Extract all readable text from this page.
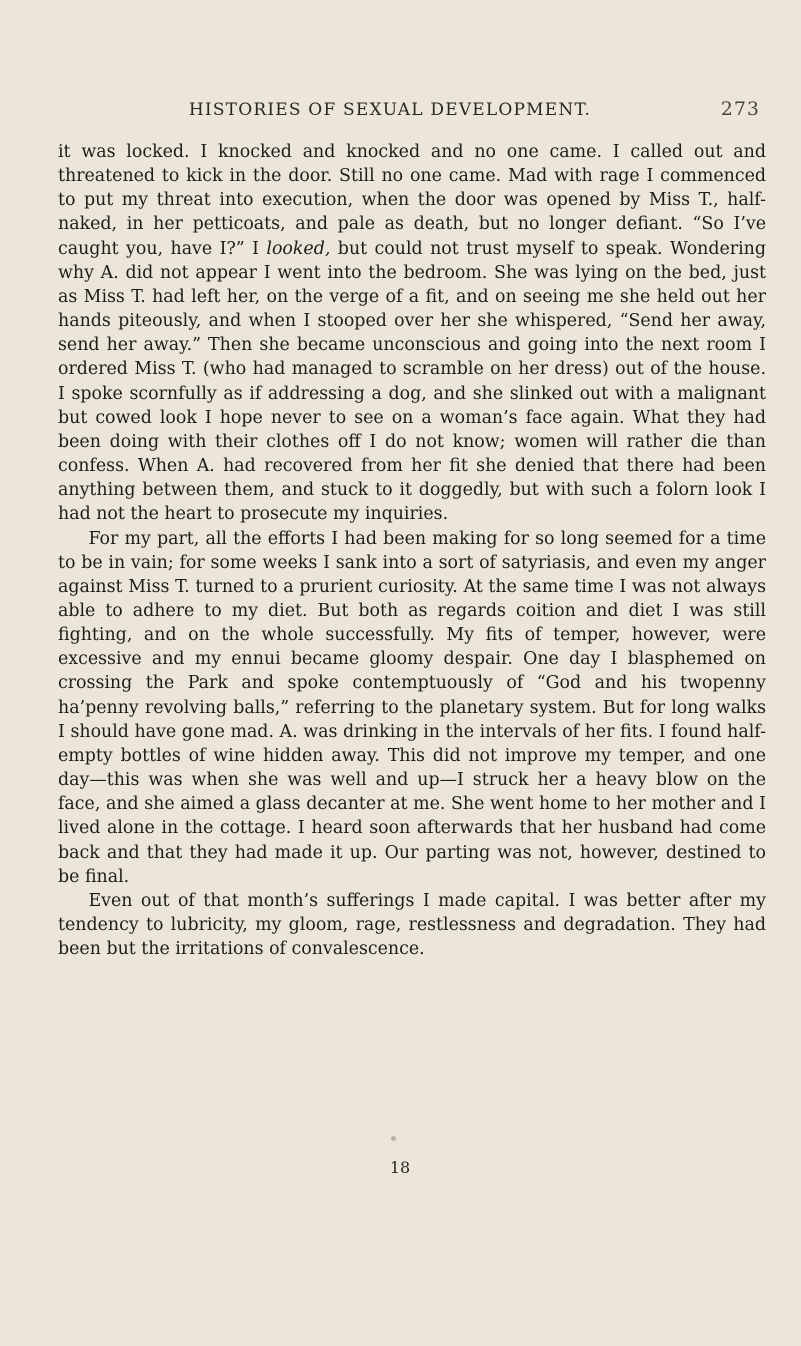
HISTORIES OF SEXUAL DEVELOPMENT.	273

it was locked. I knocked and knocked and no one came. I called out and threatened to kick in the door. Still no one came. Mad with rage I commenced to put my threat into execution, when the door was opened by Miss T., half-naked, in her petticoats, and pale as death, but no longer defiant. “So I’ve caught you, have I?” I looked, but could not trust myself to speak. Wondering why A. did not appear I went into the bedroom. She was lying on the bed, just as Miss T. had left her, on the verge of a fit, and on seeing me she held out her hands piteously, and when I stooped over her she whispered, “Send her away, send her away.” Then she became unconscious and going into the next room I ordered Miss T. (who had managed to scramble on her dress) out of the house. I spoke scornfully as if addressing a dog, and she slinked out with a malignant but cowed look I hope never to see on a woman’s face again. What they had been doing with their clothes off I do not know; women will rather die than confess. When A. had recovered from her fit she denied that there had been anything between them, and stuck to it doggedly, but with such a folorn look I had not the heart to prosecute my inquiries.

For my part, all the efforts I had been making for so long seemed for a time to be in vain; for some weeks I sank into a sort of satyriasis, and even my anger against Miss T. turned to a prurient curiosity. At the same time I was not always able to adhere to my diet. But both as regards coition and diet I was still fighting, and on the whole successfully. My fits of temper, however, were excessive and my ennui became gloomy despair. One day I blasphemed on crossing the Park and spoke contemptuously of “God and his twopenny ha’penny revolving balls,” referring to the planetary system. But for long walks I should have gone mad. A. was drinking in the intervals of her fits. I found half-empty bottles of wine hidden away. This did not improve my temper, and one day—this was when she was well and up—I struck her a heavy blow on the face, and she aimed a glass decanter at me. She went home to her mother and I lived alone in the cottage. I heard soon afterwards that her husband had come back and that they had made it up. Our parting was not, however, destined to be final.

Even out of that month’s sufferings I made capital. I was better after my tendency to lubricity, my gloom, rage, restlessness and degradation. They had been but the irritations of convalescence.

18
